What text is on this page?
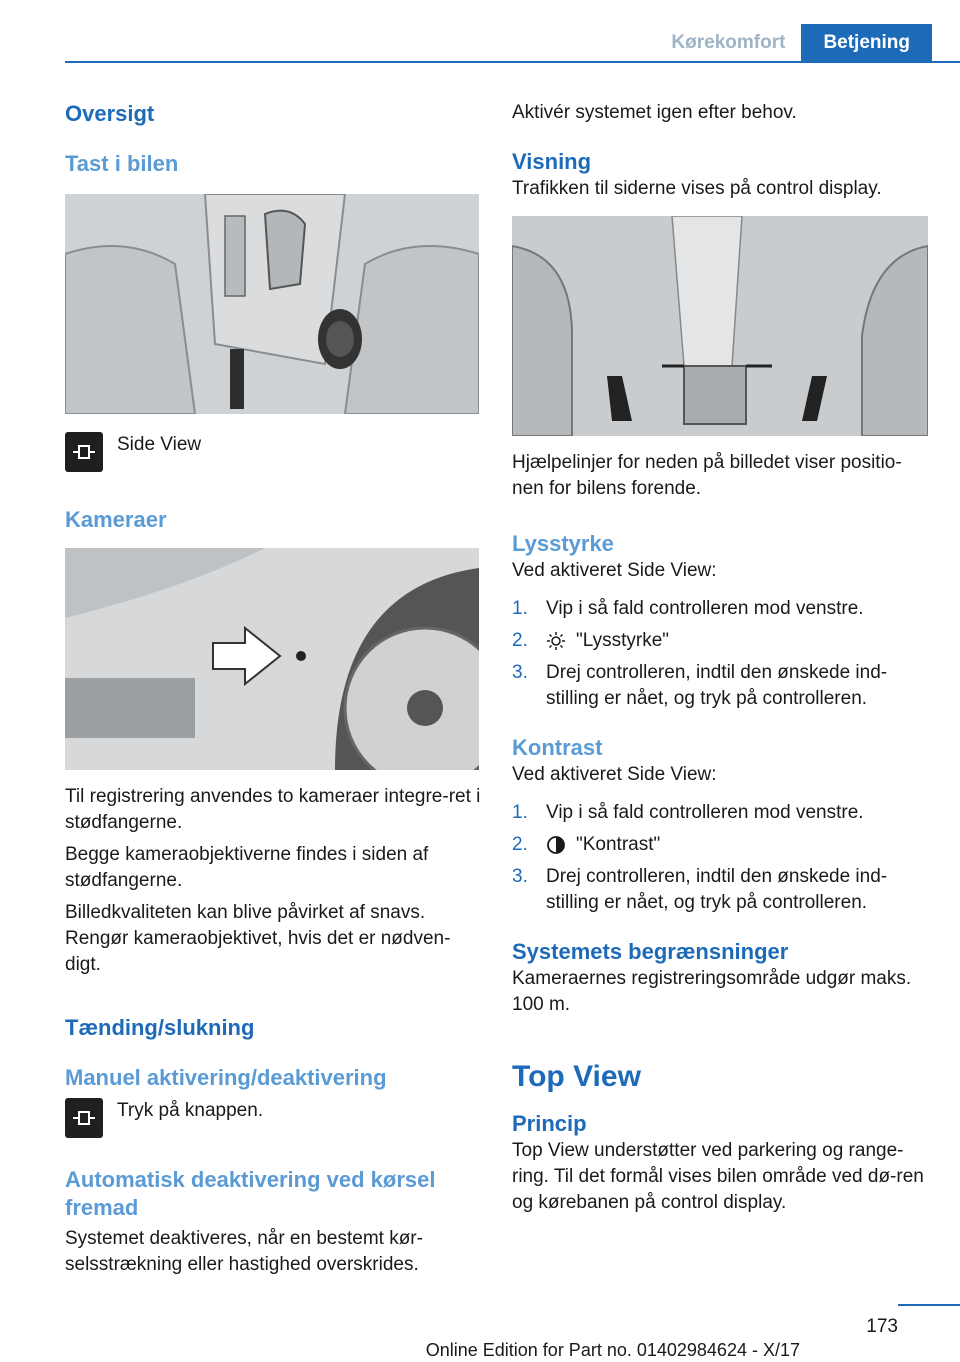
Kørekomfort	Betjening
Oversigt
Tast i bilen
Side View
Kameraer

Til registrering anvendes to kameraer integre-ret i stødfangerne.

Begge kameraobjektiverne findes i siden af stødfangerne.

Billedkvaliteten kan blive påvirket af snavs. Rengør kameraobjektivet, hvis det er nødven-digt.

Tænding/slukning
Manuel aktivering/deaktivering
Tryk på knappen.
Automatisk deaktivering ved kørsel fremad

Systemet deaktiveres, når en bestemt kør-selsstrækning eller hastighed overskrides.

Aktivér systemet igen efter behov.

Visning

Trafikken til siderne vises på control display.

Hjælpelinjer for neden på billedet viser positio-nen for bilens forende.

Lysstyrke

Ved aktiveret Side View:

1. Vip i så fald controlleren mod venstre.
2.	"Lysstyrke"
3. Drej controlleren, indtil den ønskede ind-stilling er nået, og tryk på controlleren.
Kontrast

Ved aktiveret Side View:

1. Vip i så fald controlleren mod venstre.
2.	"Kontrast"
3. Drej controlleren, indtil den ønskede ind-stilling er nået, og tryk på controlleren.
Systemets begrænsninger

Kameraernes registreringsområde udgør maks. 100 m.

Top View
Princip

Top View understøtter ved parkering og range-ring. Til det formål vises bilen område ved dø-ren og kørebanen på control display.

173
Online Edition for Part no. 01402984624 - X/17
